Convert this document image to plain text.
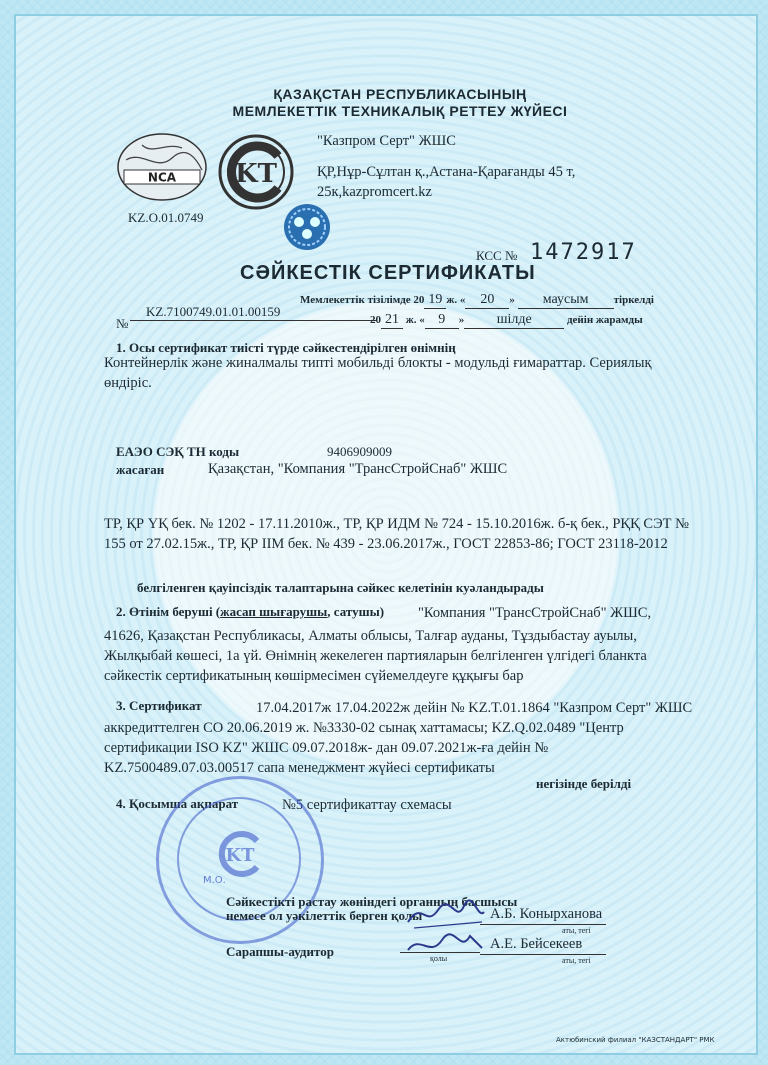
ҚАЗАҚСТАН РЕСПУБЛИКАСЫНЫҢ
МЕМЛЕКЕТТІК ТЕХНИКАЛЫҚ РЕТТЕУ ЖҮЙЕСІ
NCA
KZ.O.01.0749
KT
"Казпром Серт" ЖШС
ҚР,Нұр-Сұлтан қ.,Астана-Қарағанды 45 т,
25к,kazpromcert.kz
КСС № 1472917
СӘЙКЕСТІК СЕРТИФИКАТЫ
Мемлекеттік тізілімде 20 19 ж. « 20 » маусым тіркелді
№
KZ.7100749.01.01.00159
20 21 ж. « 9 » шілде	дейін жарамды
1. Осы сертификат тиісті түрде сәйкестендірілген өнімнің
Контейнерлік және жиналмалы типті мобильді блокты - модульді ғимараттар. Сериялық
өндіріс.
ЕАЭО СЭҚ ТН коды	9406909009
жасаған	Қазақстан, "Компания "ТрансСтройСнаб" ЖШС
ТР, ҚР ҮҚ бек. № 1202 - 17.11.2010ж., ТР, ҚР ИДМ № 724 - 15.10.2016ж. б-қ бек., РҚҚ СЭТ №
155 от 27.02.15ж., ТР, ҚР ІІМ бек. № 439 - 23.06.2017ж., ГОСТ 22853-86; ГОСТ 23118-2012
белгіленген қауіпсіздік талаптарына сәйкес келетінін куәландырады
2. Өтінім беруші (жасап шығарушы, сатушы) "Компания "ТрансСтройСнаб" ЖШС,
41626, Қазақстан Республикасы, Алматы облысы, Талғар ауданы, Тұздыбастау ауылы,
Жылқыбай көшесі, 1а үй. Өнімнің жекелеген партияларын белгіленген үлгідегі бланкта
сәйкестік сертификатының көшірмесімен сүйемелдеуге құқығы бар
3. Сертификат	17.04.2017ж 17.04.2022ж дейін № KZ.T.01.1864 "Казпром Серт" ЖШС
аккредиттелген СО 20.06.2019 ж. №3330-02 сынақ хаттамасы; KZ.Q.02.0489 "Центр
сертификации ISO KZ" ЖШС 09.07.2018ж- дан 09.07.2021ж-ға дейін №
KZ.7500489.07.03.00517 сапа менеджмент жүйесі сертификаты
негізінде берілді
4. Қосымша ақпарат	№5 сертификаттау схемасы
KT
М.О.
Сәйкестікті растау жөніндегі органның басшысы
немесе ол уәкілеттік берген қолы	А.Б. Конырханова
аты, тегі
қолы
А.Е. Бейсекеев
аты, тегі
Сарапшы-аудитор
Актюбинский филиал "КАЗСТАНДАРТ" РМК
